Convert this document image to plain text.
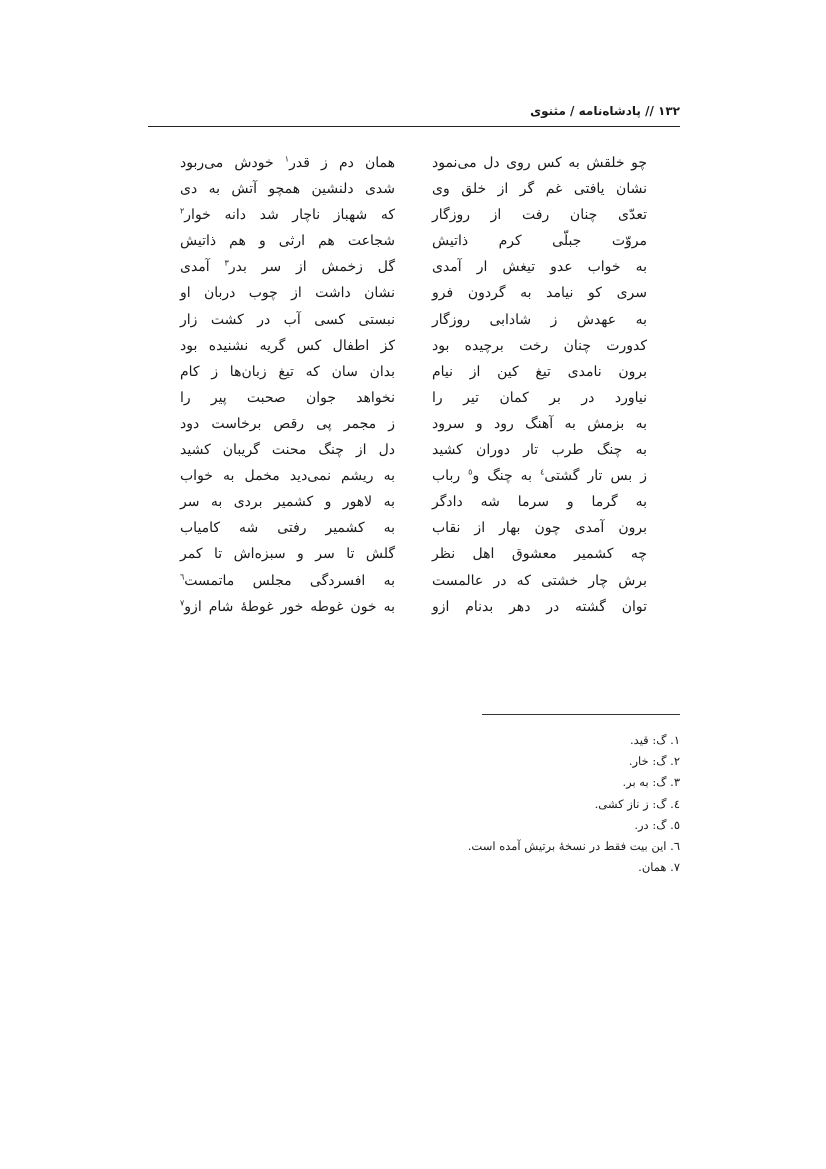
۱۳۲ // پادشاه‌نامه / مثنوی
چو خلقش به کس روی دل می‌نمود
نشان یافتی غم گر از خلق وی
تعدّی چنان رفت از روزگار
مروّت جبلّی کرم ذاتیش
به خواب عدو تیغش ار آمدی
سری کو نیامد به گردون فرو
به عهدش ز شادابی روزگار
کدورت چنان رخت برچیده بود
برون نامدی تیغ کین از نیام
نیاورد در بر کمان تیر را
به بزمش به آهنگ رود و سرود
به چنگ طرب تار دوران کشید
ز بس تار گشتی$^٤$ به چنگ و$^٥$ رباب
به گرما و سرما شه دادگر
برون آمدی چون بهار از نقاب
چه کشمیر معشوق اهل نظر
برش چار خشتی که در عالمست
توان گشته در دهر بدنام ازو
همان دم ز قدر$^۱$ خودش می‌ربود
شدی دلنشین همچو آتش به دی
که شهباز ناچار شد دانه خوار$^۲$
شجاعت هم ارثی و هم ذاتیش
گل زخمش از سر بدر$^۳$ آمدی
نشان داشت از چوب دربان او
نبستی کسی آب در کشت زار
کز اطفال کس گریه نشنیده بود
بدان سان که تیغ زبان‌ها ز کام
نخواهد جوان صحبت پیر را
ز مجمر پی رقص برخاست دود
دل از چنگ محنت گریبان کشید
به ریشم نمی‌دید مخمل به خواب
به لاهور و کشمیر بردی به سر
به کشمیر رفتی شه کامیاب
گلش تا سر و سبزه‌اش تا کمر
به افسردگی مجلس ماتمست$^٦$
به خون غوطه خور غوطهٔ شام ازو$^۷$
۱. گ: قید.
۲. گ: خار.
۳. گ: به بر.
٤. گ: ز ناز کشی.
٥. گ: در.
٦. این بیت فقط در نسخهٔ برتیش آمده است.
۷. همان.
